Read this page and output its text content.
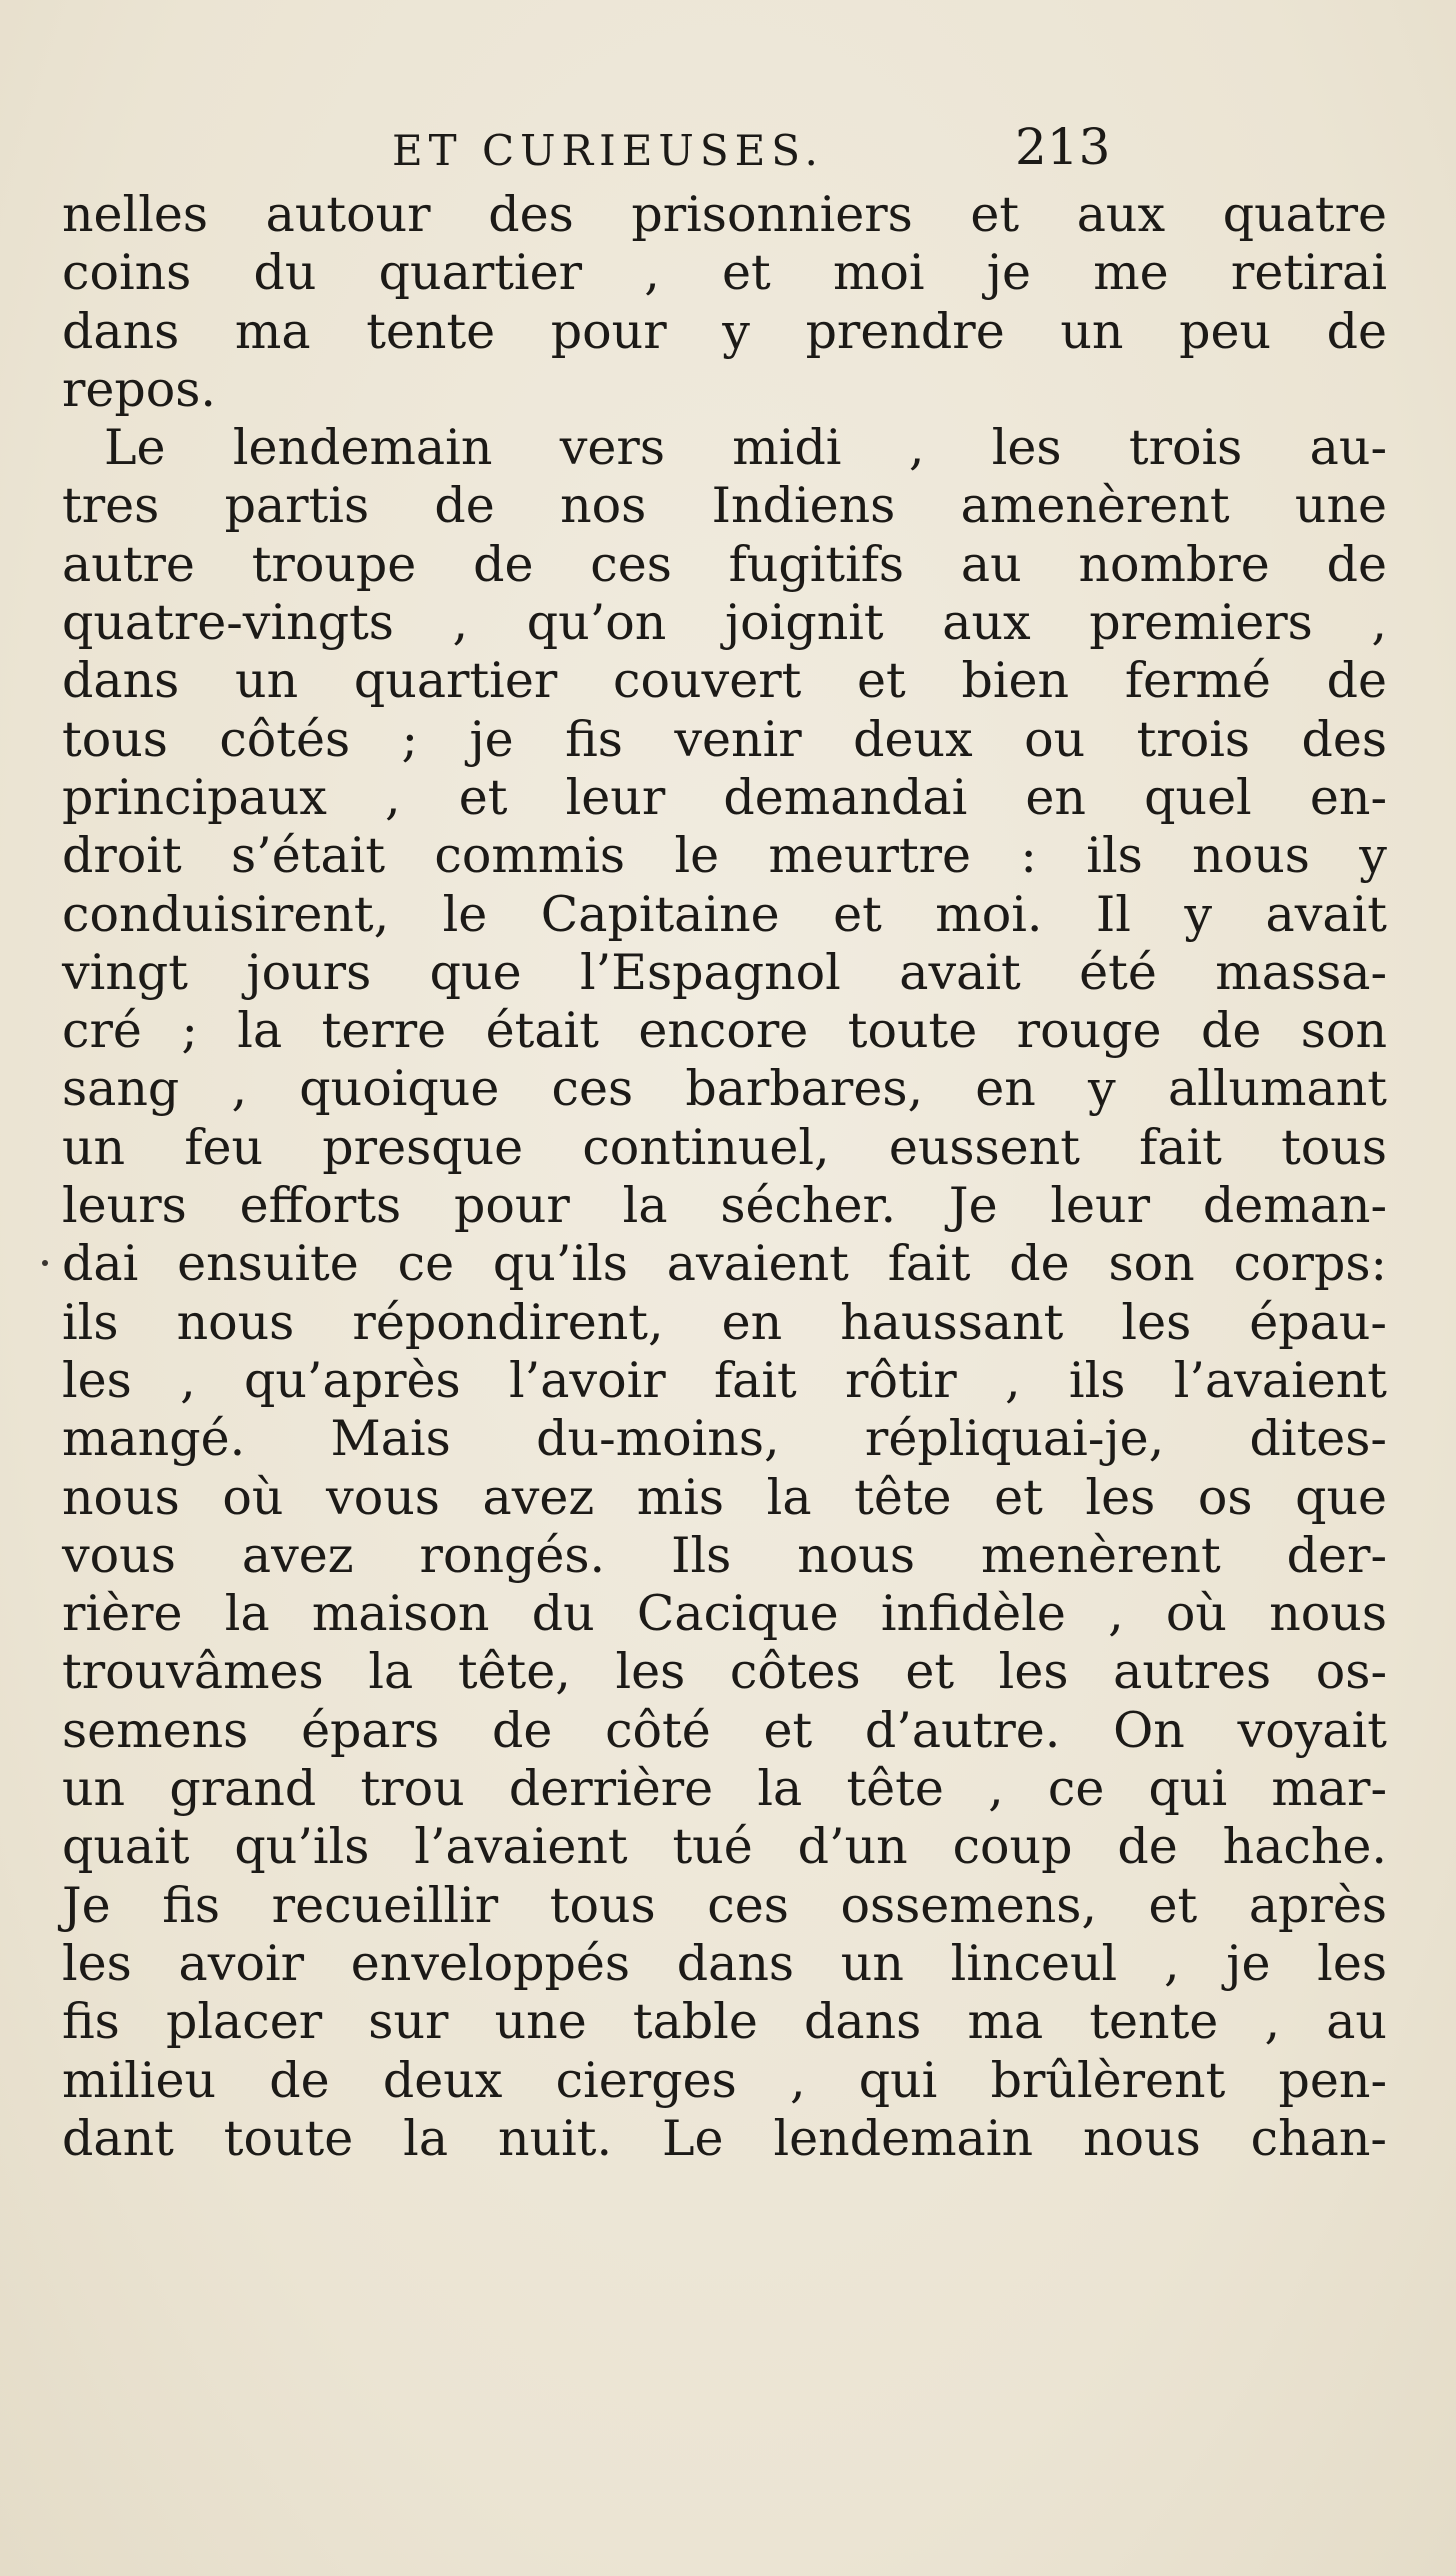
ET CURIEUSES.	213
nelles autour des prisonniers et aux quatre
coins du quartier , et moi je me retirai
dans ma tente pour y prendre un peu de
repos.
Le lendemain vers midi , les trois au-
tres partis de nos Indiens amenèrent une
autre troupe de ces fugitifs au nombre de
quatre-vingts , qu’on joignit aux premiers ,
dans un quartier couvert et bien fermé de
tous côtés ; je fis venir deux ou trois des
principaux , et leur demandai en quel en-
droit s’était commis le meurtre : ils nous y
conduisirent, le Capitaine et moi. Il y avait
vingt jours que l’Espagnol avait été massa-
cré ; la terre était encore toute rouge de son
sang , quoique ces barbares, en y allumant
un feu presque continuel, eussent fait tous
leurs efforts pour la sécher. Je leur deman-
dai ensuite ce qu’ils avaient fait de son corps:
ils nous répondirent, en haussant les épau-
les , qu’après l’avoir fait rôtir , ils l’avaient
mangé. Mais du-moins, répliquai-je, dites-
nous où vous avez mis la tête et les os que
vous avez rongés. Ils nous menèrent der-
rière la maison du Cacique infidèle , où nous
trouvâmes la tête, les côtes et les autres os-
semens épars de côté et d’autre. On voyait
un grand trou derrière la tête , ce qui mar-
quait qu’ils l’avaient tué d’un coup de hache.
Je fis recueillir tous ces ossemens, et après
les avoir enveloppés dans un linceul , je les
fis placer sur une table dans ma tente , au
milieu de deux cierges , qui brûlèrent pen-
dant toute la nuit. Le lendemain nous chan-
